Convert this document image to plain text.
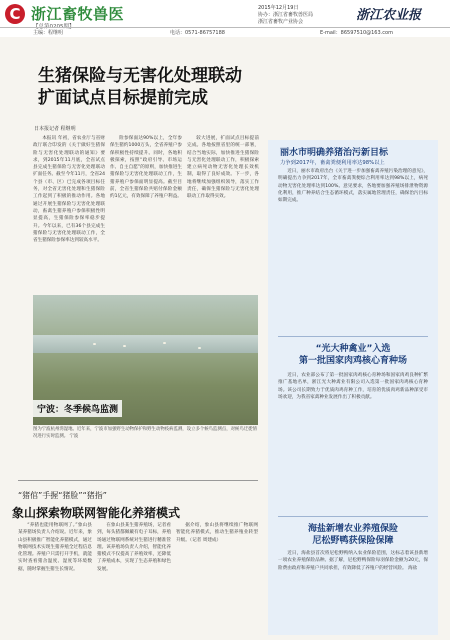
C 浙江畜牧兽医
【总第0205期】
2015年12月19日
协办：浙江省畜牧兽医局
浙江省畜牧产业协会	浙江农业报
主编：程继明	电话：0571-86757188	E-mail：86597510@163.com
生猪保险与无害化处理联动
扩面试点目标提前完成
日本报记者 程继明

本报讯 年初，省农业厅与省财政厅联合印发的《关于做好生猪保险与无害化处理联动的通知》要求，到2015年11月底，全省试点县完成生猪保险与无害化处理联动扩面任务。截至今年11月，全省24个县（市、区）已完成各项目标任务，对全省无害化处理和生猪保险工作起到了积极的推动作用。各地通过开展生猪保险与无害化处理联动，畜禽生猪养殖户参保积极性明显提高，生猪保险参保率稳步提升。今年以来，已有36个县完成生猪保险与无害化处理联动工作，全省生猪保险参保率达到较高水平。

险参保面达90%以上，全年参保生猪约1000万头，全省养殖户参保积极性持续提升。同时，各地积极探索，按照“政府引导、市场运作、自主自愿”的原则，加快推进生猪保险与无害化处理联动工作，生猪养殖户参保面明显提高。截至目前，全省生猪保险共赔付保险金额约1亿元，有效保障了养殖户利益。

较大进展，扩面试点目标提前完成。各地按照省里的统一部署，结合当地实际，加快推进生猪保险与无害化处理联动工作，积极探索建立病死动物无害化处理长效机制，取得了良好成效。下一步，各地将继续加强组织领导，落实工作责任，确保生猪保险与无害化处理联动工作取得实效。

宁波：冬季候鸟监测
图为宁波杭州湾湿地。近年来，宁波市加强野生动物保护和野生动物疫病监测，设立多个候鸟监测点，对候鸟迁徙情况进行实时监测。 宁波
“猪倌”手握“猪脸”“猪指”
象山探索物联网智能化养猪模式

“养猪也能用物联网了。”象山县某养猪场负责人介绍说。近年来，象山县积极推广智能化养猪模式，通过物联网技术实现生猪养殖全过程信息化管理。养殖户只需打开手机，就能实时查看猪舍温度、湿度等环境数据，随时掌握生猪生长情况。

在象山县某生猪养殖场，记者看到，每头猪都佩戴有电子耳标，养殖场通过物联网系统对生猪进行精准管理。该养殖场负责人介绍，智能化养猪模式不仅提高了养殖效率，还降低了养殖成本，实现了生态养殖和绿色发展。

据介绍，象山县将继续推广物联网智能化养猪模式，推动生猪养殖业转型升级。（记者 周建成）

丽水市明确养猪治污新目标
力争到2017年，畜禽粪便利用率达98%以上

近日，丽水市政府出台《关于进一步加强畜禽养殖污染治理的意见》，明确提出力争到2017年，全市畜禽粪便综合利用率达到98%以上，病死动物无害化处理率达到100%。意见要求，各地要加强养殖场排泄物资源化利用，推广种养结合生态循环模式，落实属地管理责任，确保治污目标如期完成。

“光大种禽业”入选
第一批国家肉鸡核心育种场

近日，农业部公布了第一批国家肉鸡核心育种场和国家肉鸡良种扩繁推广基地名单，浙江光大种禽业有限公司入选第一批国家肉鸡核心育种场。该公司长期致力于优质肉鸡育种工作，培育的优质肉鸡新品种深受市场欢迎，为我省家禽种业发展作出了积极贡献。

海盐新增农业养殖保险
尼松野鸭获保险保障

近日，海盐县首次将尼松野鸭纳入农业保险范围，这标志着该县新增一项农业养殖保险品种。据了解，尼松野鸭保险每羽保险金额为20元，保险费由政府和养殖户共同承担，有效降低了养殖户的经营风险。 海盐
